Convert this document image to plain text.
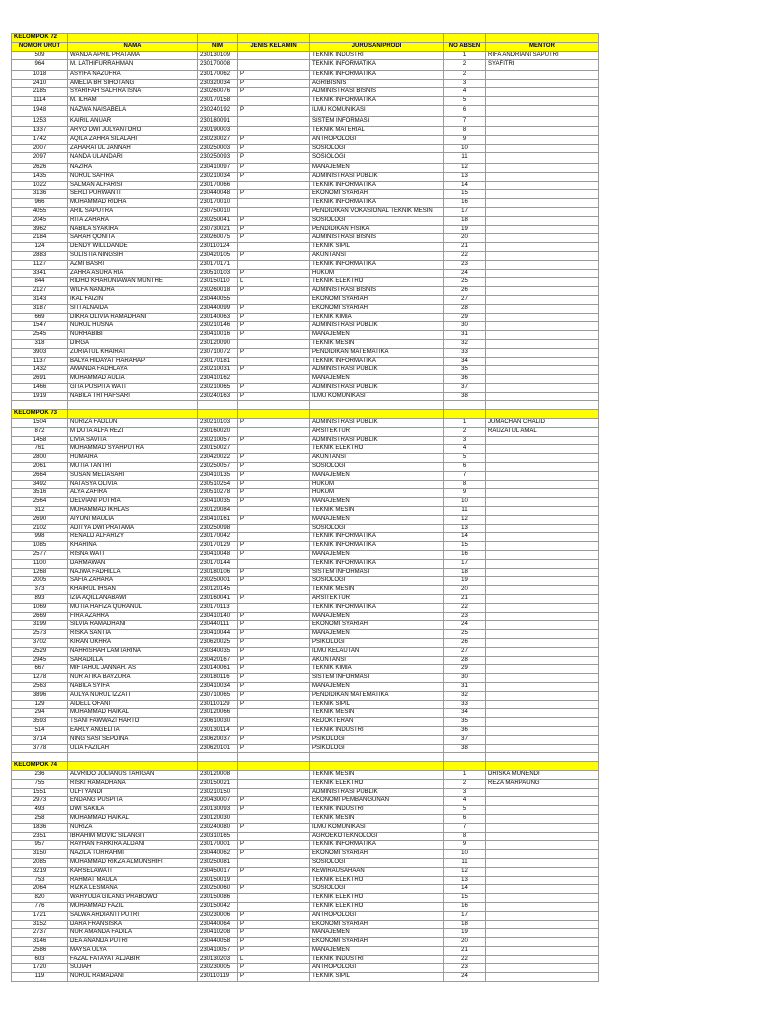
KELOMPOK 72						
NOMOR URUT	NAMA	NIM	JENIS KELAMIN	JURUSAN/PRODI	NO ABSEN	MENTOR
509	WANDA APRIL PRATAMA	230130109		TEKNIK INDUSTRI	1	RIFA ANDRIANI SAPUTRI
964	M. LATHIFURRAHMAN	230170008		TEKNIK INFORMATIKA	2	SYAFITRI
1018	ASYIFA NAZUFRA	230170062	P	TEKNIK INFORMATIKA	2	
2410	AMELIA BR SIHOTANG	230320034	P	AGRIBISNIS	3	
2185	SYARIFAH SALFIRA ISNA	230260076	P	ADMINISTRASI BISNIS	4	
1114	M. ILHAM	230170158		TEKNIK INFORMATIKA	5	
1948	NAZWA NAISABELA	230240192	P	ILMU KOMUNIKASI	6	
1253	KAIRIL ANUAR	230180091		SISTEM INFORMASI	7	
1337	ARYO DWI JULYANTORO	230190003		TEKNIK MATERIAL	8	
1742	AQILA ZAHRA SILALAHI	230230027	P	ANTROPOLOGI	9	
2007	ZAHARATUL JANNAH	230250003	P	SOSIOLOGI	10	
2097	NANDA ULANDARI	230250093	P	SOSIOLOGI	11	
2626	NAZIRA	230410097	P	MANAJEMEN	12	
1435	NURUL SAFIRA	230210034	P	ADMINISTRASI PUBLIK	13	
1022	SALMAN ALFARISI	230170066		TEKNIK INFORMATIKA	14	
3136	SERLI PURWANTI	230440048	P	EKONOMI SYARIAH	15	
966	MUHAMMAD RIDHA	230170010		TEKNIK INFORMATIKA	16	
4055	ARIL SAPUTRA	230750010		PENDIDIKAN VOKASIONAL TEKNIK MESIN	17	
2045	RITA ZAHARA	230250041	P	SOSIOLOGI	18	
3962	NABILA SYAKIRA	230730021	P	PENDIDIKAN FISIKA	19	
2184	SARAH QONITA	230260075	P	ADMINISTRASI BISNIS	20	
124	DENDY WILLDANDE	230110124		TEKNIK SIPIL	21	
2883	SULISTIA NINGSIH	230420105	P	AKUNTANSI	22	
1127	AZMI BASRI	230170171		TEKNIK INFORMATIKA	23	
3341	ZAHRA ASURA RIA	230510103	P	HUKUM	24	
844	RIDHO KHARUNIAWAN MUNTHE	230150110	L	TEKNIK ELEKTRO	25	
2127	WILFA NANDRA	230260018	P	ADMINISTRASI BISNIS	26	
3143	IKAL FAIZIN	230440055		EKONOMI SYARIAH	27	
3187	SITI ALNAIDA	230440099	P	EKONOMI SYARIAH	28	
669	DIKRA OLIVIA RAMADHANI	230140063	P	TEKNIK KIMIA	29	
1547	NURUL HUSNA	230210146	P	ADMINISTRASI PUBLIK	30	
2545	NURHABIBI	230410016	P	MANAJEMEN	31	
318	DIRGA	230120090		TEKNIK MESIN	32	
3903	ZURIATUL KHAIRAT	230710072	P	PENDIDIKAN MATEMATIKA	33	
1137	BALYA HIDAYAT HARAHAP	230170181		TEKNIK INFORMATIKA	34	
1432	AMANDA FADHLAYA	230210031	P	ADMINISTRASI PUBLIK	35	
2691	MUHAMMAD AULIA	230410162		MANAJEMEN	36	
1466	GITA PUSPITA WATI	230210065	P	ADMINISTRASI PUBLIK	37	
1919	NABILA TRI HAFSARI	230240163	P	ILMU KOMUNIKASI	38	

KELOMPOK 73						
1504	NURIZA FADLUN	230210103	P	ADMINISTRASI PUBLIK	1	JUMACHAN CHALID
872	M DUTA ALFA REZI	230160020		ARSITEKTUR	2	RAUZATUL AMAL
1458	LIVIA SAVITA	230210057	P	ADMINISTRASI PUBLIK	3	
761	MUHAMMAD SYAHPUTRA	230150027		TEKNIK ELEKTRO	4	
2800	HUMAIRA	230420022	P	AKUNTANSI	5	
2061	MUTIA TANTRI	230250057	P	SOSIOLOGI	6	
2664	SUSAN MELIASARI	230410135	P	MANAJEMEN	7	
3492	NATASYA OLIVIA	230510254	P	HUKUM	8	
3516	ALYA ZAFIRA	230510278	P	HUKUM	9	
2564	DELVIANI PUTRIA	230410035	P	MANAJEMEN	10	
312	MUHAMMAD IKHLAS	230120084		TEKNIK MESIN	11	
2690	AIYUNI MAULIA	230410161	P	MANAJEMEN	12	
2102	ADITYA DWI PRATAMA	230250098		SOSIOLOGI	13	
998	RENALD ALFARIZY	230170042		TEKNIK INFORMATIKA	14	
1085	KHARINA	230170129	P	TEKNIK INFORMATIKA	15	
2577	RISNA WATI	230410048	P	MANAJEMEN	16	
1100	DARMAWAN	230170144		TEKNIK INFORMATIKA	17	
1268	NAJWA FADHILLA	230180106	P	SISTEM INFORMASI	18	
2005	SAFIA ZAHARA	230250001	P	SOSIOLOGI	19	
373	KHAIRUL IHSAN	230120145		TEKNIK MESIN	20	
893	IZIA AQILLANABAWI	230160041	P	ARSITEKTUR	21	
1069	MUTIA HAFIZA QURANUL	230170113		TEKNIK INFORMATIKA	22	
2669	FIRA AZAHRA	230410140	P	MANAJEMEN	23	
3199	SILVIA RAMADHANI	230440111	P	EKONOMI SYARIAH	24	
2573	RISKA SANTIA	230410044	P	MANAJEMEN	25	
3702	KIRAN UKHRA	230620025	P	PSIKOLOGI	26	
2529	NAHRISHAH LAMTARINA	230340035	P	ILMU KELAUTAN	27	
2945	SARADILLA	230420167	P	AKUNTANSI	28	
667	MIFTAHUL JANNAH. AS	230140061	P	TEKNIK KIMIA	29	
1278	NUR ATIKA BAYZURA	230180116	P	SISTEM INFORMASI	30	
2563	NABILA SYIFA	230410034	P	MANAJEMEN	31	
3896	AULYA NURUL IZZATI	230710065	P	PENDIDIKAN MATEMATIKA	32	
129	AIDELL OFANI	230110129	P	TEKNIK SIPIL	33	
294	MUHAMMAD HAIKAL	230120066		TEKNIK MESIN	34	
3593	TSANI FAWWAZI HARTO	230610030		KEDOKTERAN	35	
514	EARLY ANGELITA	230130114	P	TEKNIK INDUSTRI	36	
3714	NING SASI SEPDINA	230620037	P	PSIKOLOGI	37	
3778	ULIA FAZILAH	230620101	P	PSIKOLOGI	38	

KELOMPOK 74						
236	ALVRIDO JULIANUS TARIGAN	230120008		TEKNIK MESIN	1	DRISKA MUNENDI
755	RISKI RAMADHANA	230150021		TEKNIK ELEKTRO	2	REZA MARPAUNG
1551	ULFI YANDI	230210150		ADMINISTRASI PUBLIK	3	
2973	ENDANG PUSPITA	230430007	P	EKONOMI PEMBANGUNAN	4	
493	DWI SAKILA	230130093	P	TEKNIK INDUSTRI	5	
258	MUHAMMAD HAIKAL	230120030		TEKNIK MESIN	6	
1836	NURIZA	230240080	P	ILMU KOMUNIKASI	7	
2351	IBRAHIM MOVIC SILANGIT	230310165		AGROEKOTEKNOLOGI	8	
957	RAYHAN FARKIRA ALDANI	230170001	P	TEKNIK INFORMATIKA	9	
3150	NAZILA TURRAHMI	230440062	P	EKONOMI SYARIAH	10	
2085	MUHAMMAD RIKZA ALMUNSHIFI	230250081		SOSIOLOGI	11	
3219	KARSELAWATI	230450017	P	KEWIRAUSAHAAN	12	
753	RAHMAT MAULA	230150019		TEKNIK ELEKTRO	13	
2064	RIZKA LESMANA	230250060	P	SOSIOLOGI	14	
820	WAHYUDA GILANG PRABOWO	230150086		TEKNIK ELEKTRO	15	
776	MUHAMMAD FAZIL	230150042		TEKNIK ELEKTRO	16	
1721	SALWA ARDIANTI PUTRI	230230006	P	ANTROPOLOGI	17	
3152	DARA FRANSISKA	230440064	P	EKONOMI SYARIAH	18	
2737	NUR AMANDA FADILA	230410208	P	MANAJEMEN	19	
3146	DEA ANANDA PUTRI	230440058	P	EKONOMI SYARIAH	20	
2586	MAYSA ULYA	230410057	P	MANAJEMEN	21	
603	FAZAL FATAYAT ALJABIR	230130203	L	TEKNIK INDUSTRI	22	
1720	SUJIAH	230230005	P	ANTROPOLOGI	23	
119	NURUL RAMADANI	230110119	P	TEKNIK SIPIL	24	
